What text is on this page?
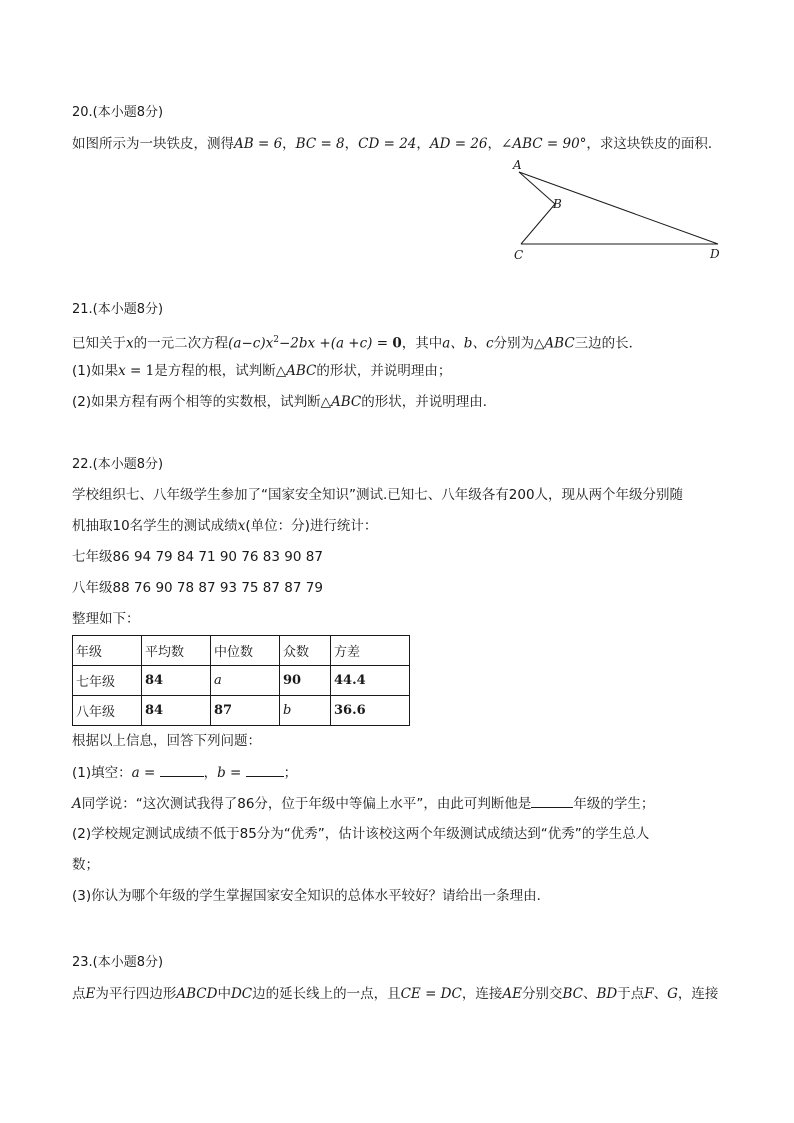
20.(本小题8分)
如图所示为一块铁皮，测得AB = 6，BC = 8，CD = 24，AD = 26，∠ABC = 90°，求这块铁皮的面积．
A
B
C	D
21.(本小题8分)
已知关于x的一元二次方程$(a-c)x^2-2bx +(a +c) = 0$，其中a、b、c分别为△ABC三边的长．
(1)如果x = 1是方程的根，试判断△ABC的形状，并说明理由；
(2)如果方程有两个相等的实数根，试判断△ABC的形状，并说明理由．
22.(本小题8分)
学校组织七、八年级学生参加了“国家安全知识”测试.已知七、八年级各有200人，现从两个年级分别随
机抽取10名学生的测试成绩x(单位：分)进行统计：
七年级86 94 79 84 71 90 76 83 90 87
八年级88 76 90 78 87 93 75 87 87 79
整理如下：
年级	平均数	中位数	众数	方差
七年级	84	a	90	44.4
八年级	84	87	b	36.6
根据以上信息，回答下列问题：
(1)填空：a =	，b =	；
A同学说：“这次测试我得了86分，位于年级中等偏上水平”，由此可判断他是	年级的学生；
(2)学校规定测试成绩不低于85分为“优秀”，估计该校这两个年级测试成绩达到“优秀”的学生总人
数；
(3)你认为哪个年级的学生掌握国家安全知识的总体水平较好？请给出一条理由．
23.(本小题8分)
点E为平行四边形ABCD中DC边的延长线上的一点，且CE = DC，连接AE分别交BC、BD于点F、G，连接
